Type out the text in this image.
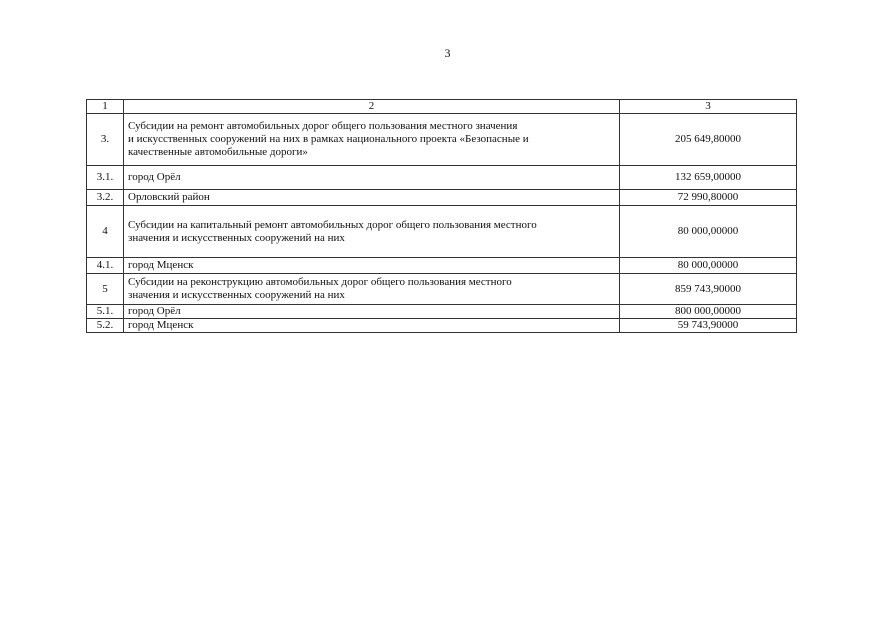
3
1	2	3
3.	Субсидии на ремонт автомобильных дорог общего пользования местного значения
и искусственных сооружений на них в рамках национального проекта «Безопасные и
качественные автомобильные дороги»	205 649,80000
3.1.	город Орёл	132 659,00000
3.2.	Орловский район	72 990,80000
4	Субсидии на капитальный ремонт автомобильных дорог общего пользования местного
значения и искусственных сооружений на них	80 000,00000
4.1.	город Мценск	80 000,00000
5	Субсидии на реконструкцию автомобильных дорог общего пользования местного
значения и искусственных сооружений на них	859 743,90000
5.1.	город Орёл	800 000,00000
5.2.	город Мценск	59 743,90000
